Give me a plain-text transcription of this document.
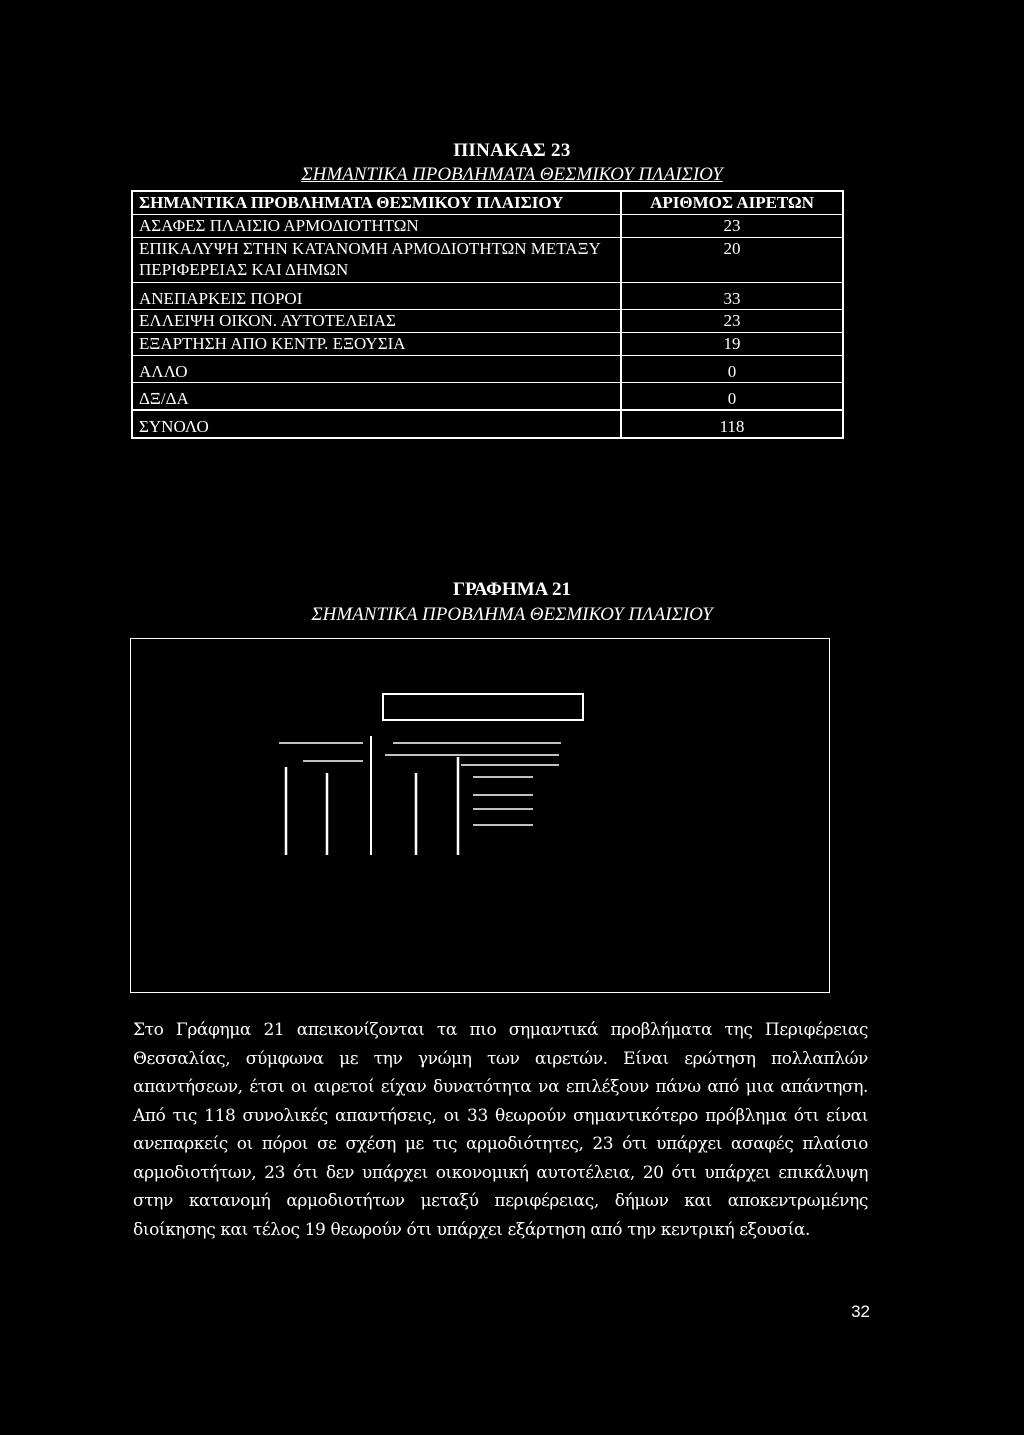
ΠΙΝΑΚΑΣ 23
ΣΗΜΑΝΤΙΚΑ ΠΡΟΒΛΗΜΑΤΑ ΘΕΣΜΙΚΟΥ ΠΛΑΙΣΙΟΥ
ΣΗΜΑΝΤΙΚΑ ΠΡΟΒΛΗΜΑΤΑ ΘΕΣΜΙΚΟΥ ΠΛΑΙΣΙΟΥ	ΑΡΙΘΜΟΣ ΑΙΡΕΤΩΝ
ΑΣΑΦΕΣ ΠΛΑΙΣΙΟ ΑΡΜΟΔΙΟΤΗΤΩΝ	23
ΕΠΙΚΑΛΥΨΗ ΣΤΗΝ ΚΑΤΑΝΟΜΗ ΑΡΜΟΔΙΟΤΗΤΩΝ ΜΕΤΑΞΥ ΠΕΡΙΦΕΡΕΙΑΣ ΚΑΙ ΔΗΜΩΝ	20
ΑΝΕΠΑΡΚΕΙΣ ΠΟΡΟΙ	33
ΕΛΛΕΙΨΗ ΟΙΚΟΝ. ΑΥΤΟΤΕΛΕΙΑΣ	23
ΕΞΑΡΤΗΣΗ ΑΠΟ ΚΕΝΤΡ. ΕΞΟΥΣΙΑ	19
ΑΛΛΟ	0
ΔΞ/ΔΑ	0
ΣΥΝΟΛΟ	118
ΓΡΑΦΗΜΑ 21
ΣΗΜΑΝΤΙΚΑ ΠΡΟΒΛΗΜΑ ΘΕΣΜΙΚΟΥ ΠΛΑΙΣΙΟΥ
Στο Γράφημα 21 απεικονίζονται τα πιο σημαντικά προβλήματα της Περιφέρειας Θεσσαλίας, σύμφωνα με την γνώμη των αιρετών. Είναι ερώτηση πολλαπλών απαντήσεων, έτσι οι αιρετοί είχαν δυνατότητα να επιλέξουν πάνω από μια απάντηση. Από τις 118 συνολικές απαντήσεις, οι 33 θεωρούν σημαντικότερο πρόβλημα ότι είναι ανεπαρκείς οι πόροι σε σχέση με τις αρμοδιότητες, 23 ότι υπάρχει ασαφές πλαίσιο αρμοδιοτήτων, 23 ότι δεν υπάρχει οικονομική αυτοτέλεια, 20 ότι υπάρχει επικάλυψη στην κατανομή αρμοδιοτήτων μεταξύ περιφέρειας, δήμων και αποκεντρωμένης διοίκησης και τέλος 19 θεωρούν ότι υπάρχει εξάρτηση από την κεντρική εξουσία.
32
